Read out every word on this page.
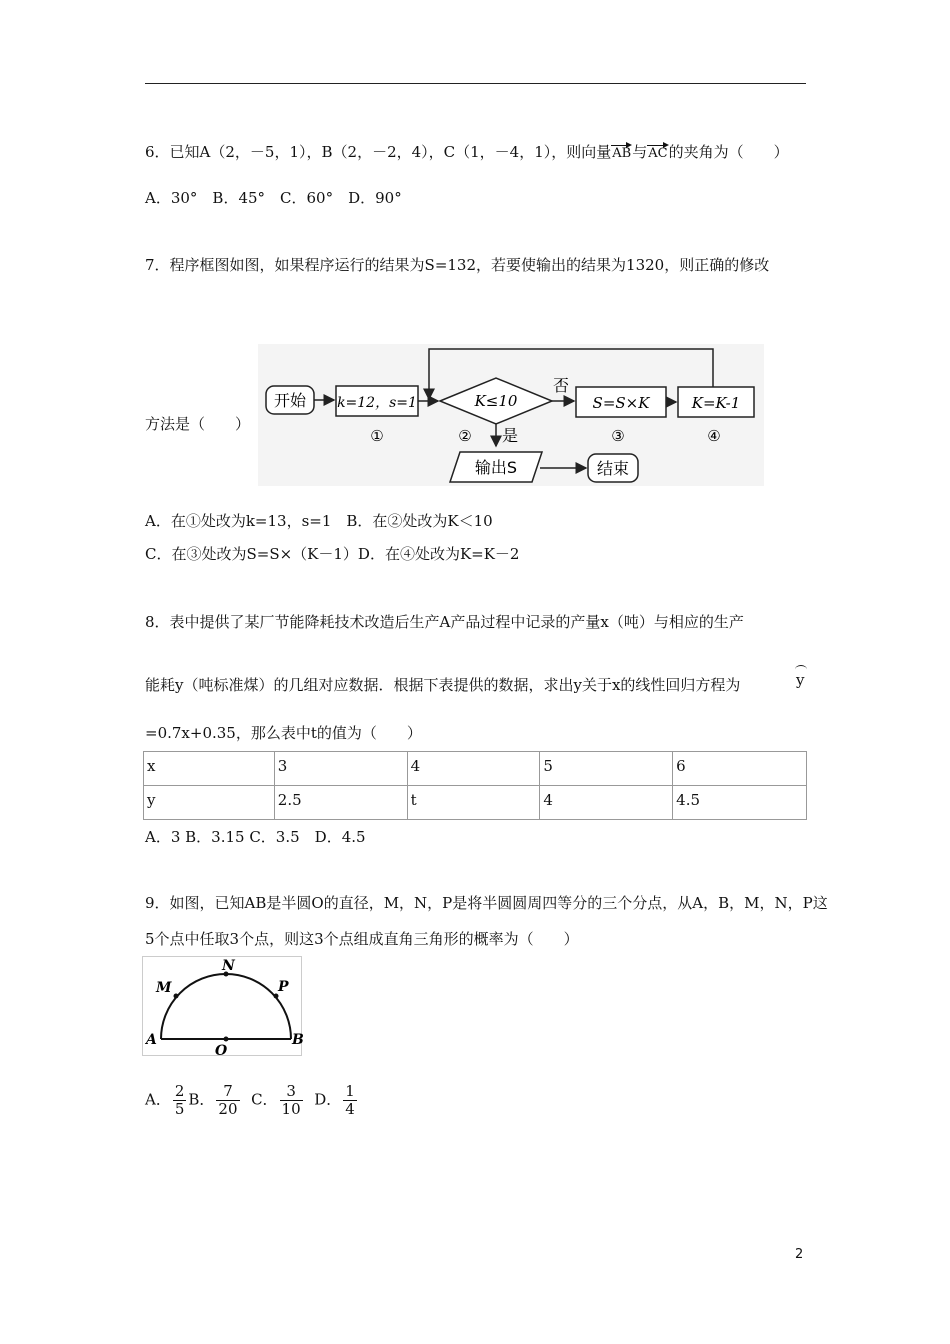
6．已知A（2，－5，1），B（2，－2，4），C（1，－4，1），则向量AB与AC的夹角为（　　）
A．30°　B．45°　C．60°　D．90°
7．程序框图如图，如果程序运行的结果为S=132，若要使输出的结果为1320，则正确的修改
方法是（　　）
开始 k=12，s=1
①
K≤10
②
否
S=S×K
③
K=K-1
④
是
输出S	结束
A．在①处改为k=13，s=1　B．在②处改为K＜10
C．在③处改为S=S×（K－1）D．在④处改为K=K－2
8．表中提供了某厂节能降耗技术改造后生产A产品过程中记录的产量x（吨）与相应的生产
能耗y（吨标准煤）的几组对应数据．根据下表提供的数据，求出y关于x的线性回归方程为	y
=0.7x+0.35，那么表中t的值为（　　）
x	3	4	5	6
y	2.5	t	4	4.5
A．3 B．3.15 C．3.5　D．4.5
9．如图，已知AB是半圆O的直径，M，N，P是将半圆圆周四等分的三个分点，从A，B，M，N，P这
5个点中任取3个点，则这3个点组成直角三角形的概率为（　　）
A	B
O
M
N
P
A． $\frac{2}{5}$ B． $\frac{7}{20}$ C． $\frac{3}{10}$ D． $\frac{1}{4}$
2
